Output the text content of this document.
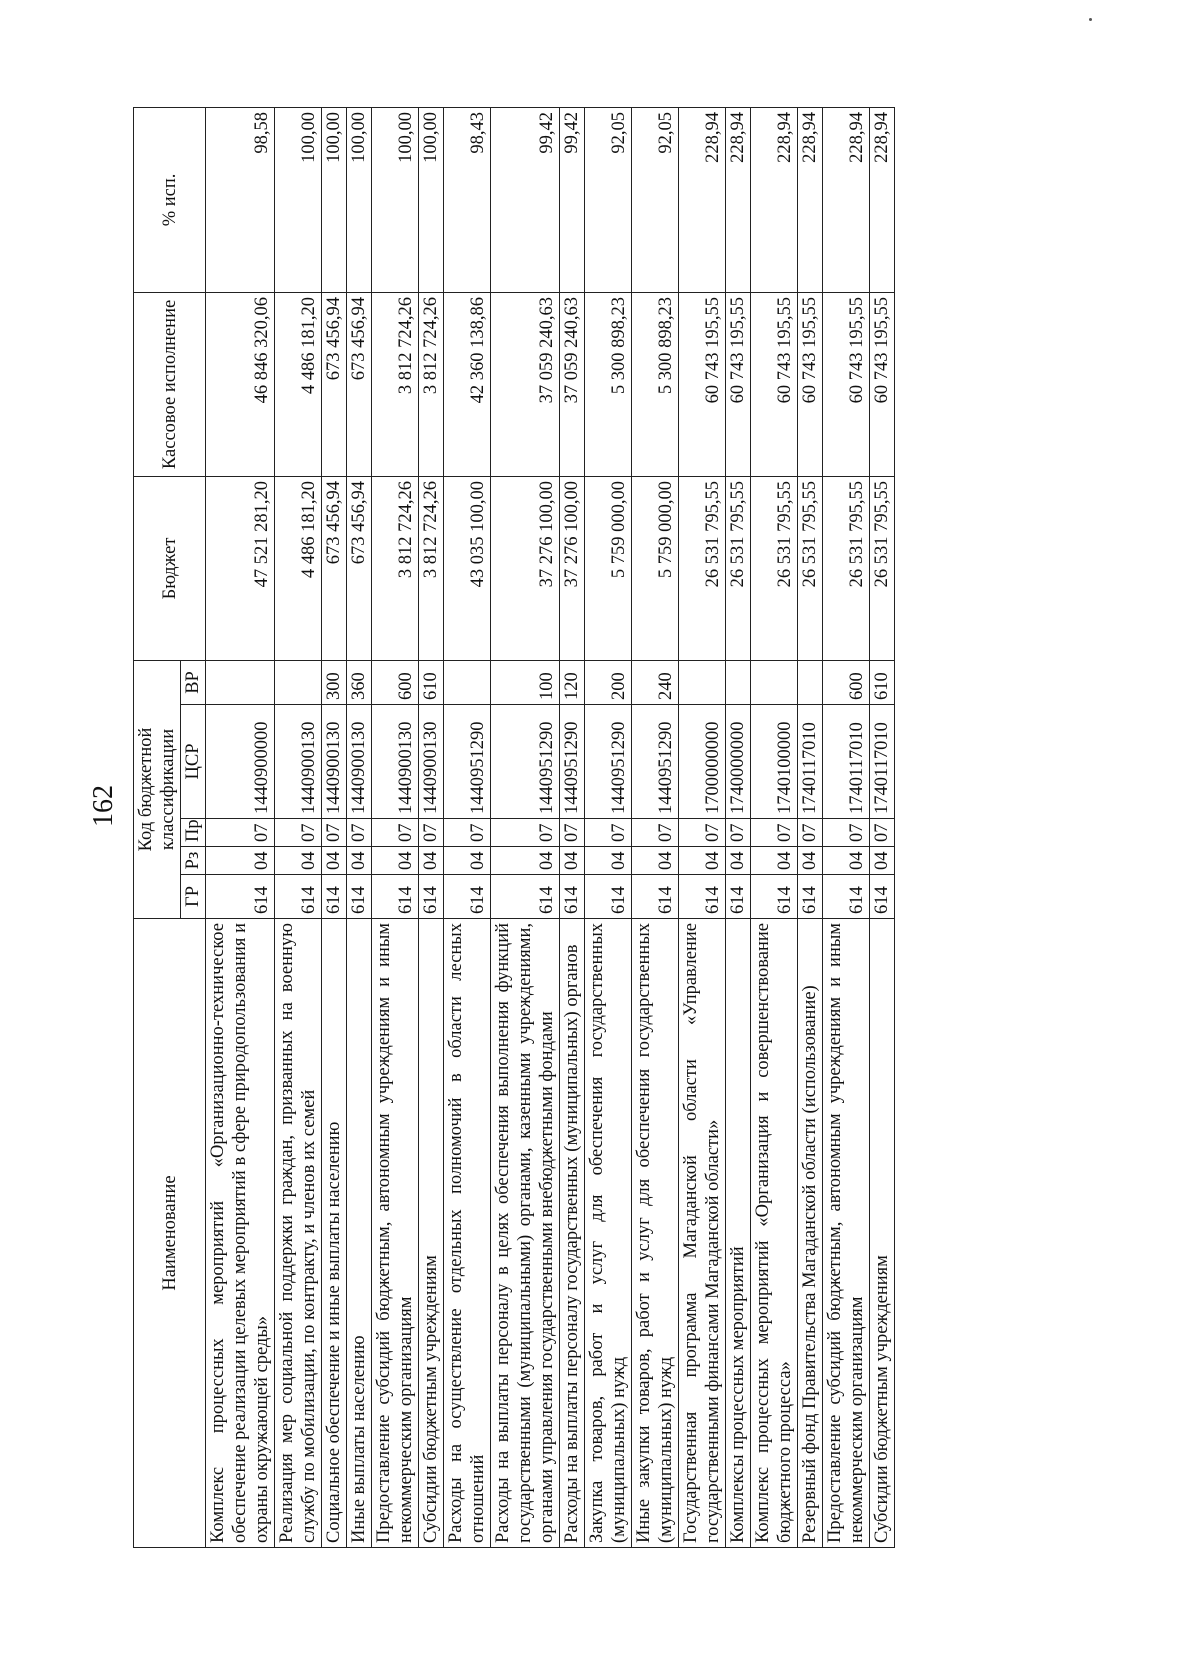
162
Наименование	Код бюджетной классификации					Бюджет	Кассовое исполнение	% исп.
	ГР	Рз	Пр	ЦСР	ВР			
Комплекс процессных мероприятий «Организационно-техническое обеспечение реализации целевых мероприятий в сфере природопользования и охраны окружающей среды»	614	04	07	1440900000		47 521 281,20	46 846 320,06	98,58
Реализация мер социальной поддержки граждан, призванных на военную службу по мобилизации, по контракту, и членов их семей	614	04	07	1440900130		4 486 181,20	4 486 181,20	100,00
Социальное обеспечение и иные выплаты населению	614	04	07	1440900130	300	673 456,94	673 456,94	100,00
Иные выплаты населению	614	04	07	1440900130	360	673 456,94	673 456,94	100,00
Предоставление субсидий бюджетным, автономным учреждениям и иным некоммерческим организациям	614	04	07	1440900130	600	3 812 724,26	3 812 724,26	100,00
Субсидии бюджетным учреждениям	614	04	07	1440900130	610	3 812 724,26	3 812 724,26	100,00
Расходы на осуществление отдельных полномочий в области лесных отношений	614	04	07	1440951290		43 035 100,00	42 360 138,86	98,43
Расходы на выплаты персоналу в целях обеспечения выполнения функций государственными (муниципальными) органами, казенными учреждениями, органами управления государственными внебюджетными фондами	614	04	07	1440951290	100	37 276 100,00	37 059 240,63	99,42
Расходы на выплаты персоналу государственных (муниципальных) органов	614	04	07	1440951290	120	37 276 100,00	37 059 240,63	99,42
Закупка товаров, работ и услуг для обеспечения государственных (муниципальных) нужд	614	04	07	1440951290	200	5 759 000,00	5 300 898,23	92,05
Иные закупки товаров, работ и услуг для обеспечения государственных (муниципальных) нужд	614	04	07	1440951290	240	5 759 000,00	5 300 898,23	92,05
Государственная программа Магаданской области «Управление государственными финансами Магаданской области»	614	04	07	1700000000		26 531 795,55	60 743 195,55	228,94
Комплексы процессных мероприятий	614	04	07	1740000000		26 531 795,55	60 743 195,55	228,94
Комплекс процессных мероприятий «Организация и совершенствование бюджетного процесса»	614	04	07	1740100000		26 531 795,55	60 743 195,55	228,94
Резервный фонд Правительства Магаданской области (использование)	614	04	07	1740117010		26 531 795,55	60 743 195,55	228,94
Предоставление субсидий бюджетным, автономным учреждениям и иным некоммерческим организациям	614	04	07	1740117010	600	26 531 795,55	60 743 195,55	228,94
Субсидии бюджетным учреждениям	614	04	07	1740117010	610	26 531 795,55	60 743 195,55	228,94
